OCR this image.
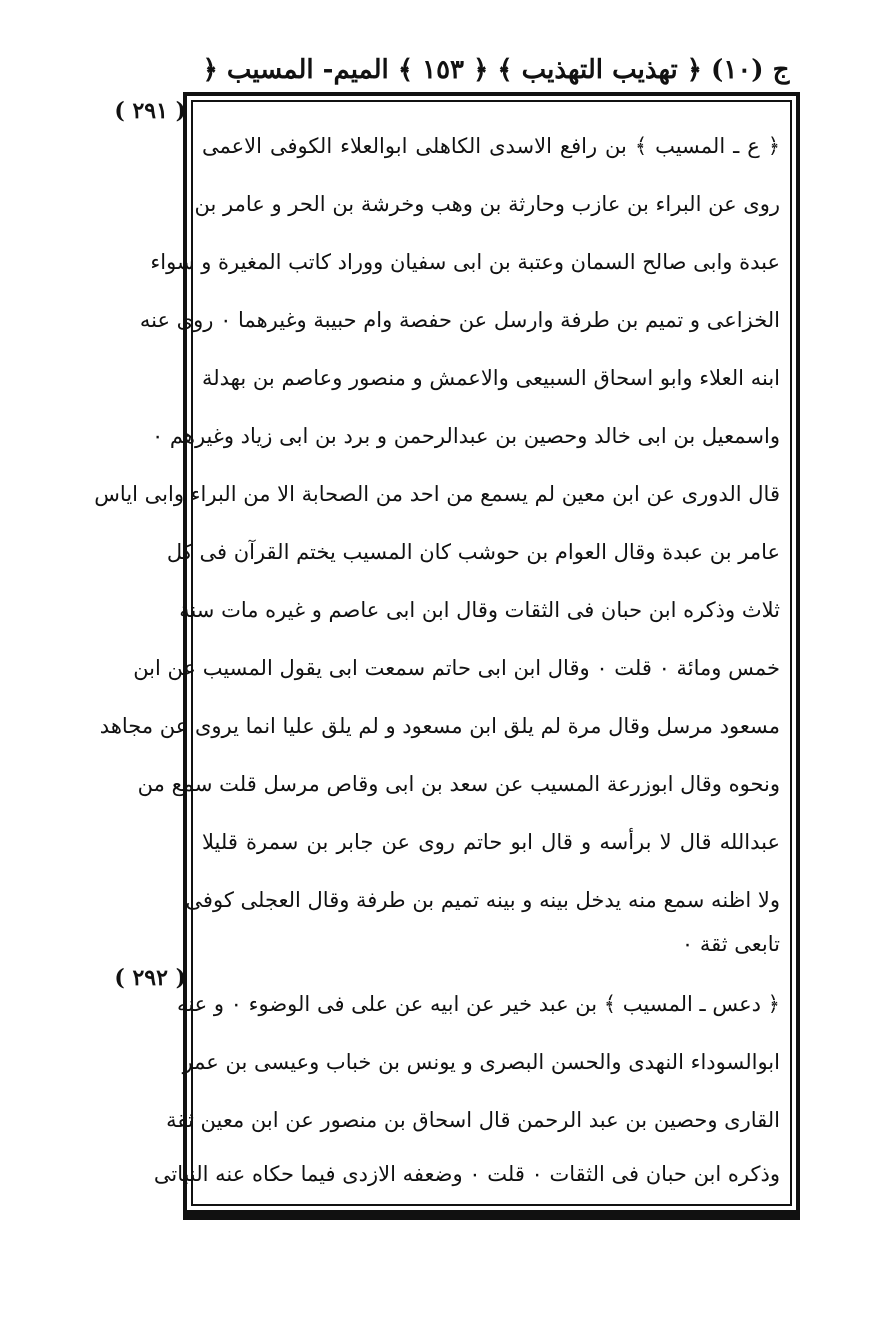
ج (١٠) ﴿ تهذيب التهذيب ﴾ ﴿ ١٥٣ ﴾ المیم- المسیب ﴿
( ٢٩١ )
( ٢٩٢ )
﴿ ع ـ المسیب ﴾ بن رافع الاسدی الکاهلی ابوالعلاء الکوفی الاعمی
روی عن البراء بن عازب وحارثة بن وهب وخرشة بن الحر و عامر بن
عبدة وابی صالح السمان وعتبة بن ابی سفیان ووراد کاتب المغیرة و سواء
الخزاعی و تمیم بن طرفة وارسل عن حفصة وام حبیبة وغیرهما ۰ روی عنه
ابنه العلاء وابو اسحاق السبیعی والاعمش و منصور وعاصم بن بهدلة
واسمعیل بن ابی خالد وحصین بن عبدالرحمن و برد بن ابی زیاد وغیرهم ۰
قال الدوری عن ابن معین لم یسمع من احد من الصحابة الا من البراء وابی ایاس
عامر بن عبدة وقال العوام بن حوشب کان المسیب یختم القرآن فی کل
ثلاث وذکره ابن حبان فی الثقات وقال ابن ابی عاصم و غیره مات سنة
خمس ومائة ۰ قلت ۰ وقال ابن ابی حاتم سمعت ابی یقول المسیب عن ابن
مسعود مرسل وقال مرة لم یلق ابن مسعود و لم یلق علیا انما یروی عن مجاهد
ونحوه وقال ابوزرعة المسیب عن سعد بن ابی وقاص مرسل قلت سمع من
عبدالله قال لا برأسه و قال ابو حاتم روی عن جابر بن سمرة قلیلا
ولا اظنه سمع منه یدخل بینه و بینه تمیم بن طرفة وقال العجلی کوفی
تابعی ثقة ۰
﴿ دعس ـ المسیب ﴾ بن عبد خیر عن ابیه عن علی فی الوضوء ۰ و عنه
ابوالسوداء النهدی والحسن البصری و یونس بن خباب وعیسی بن عمر
القاری وحصین بن عبد الرحمن قال اسحاق بن منصور عن ابن معین ثقة
وذکره ابن حبان فی الثقات ۰ قلت ۰ وضعفه الازدی فیما حکاه عنه النباتی
